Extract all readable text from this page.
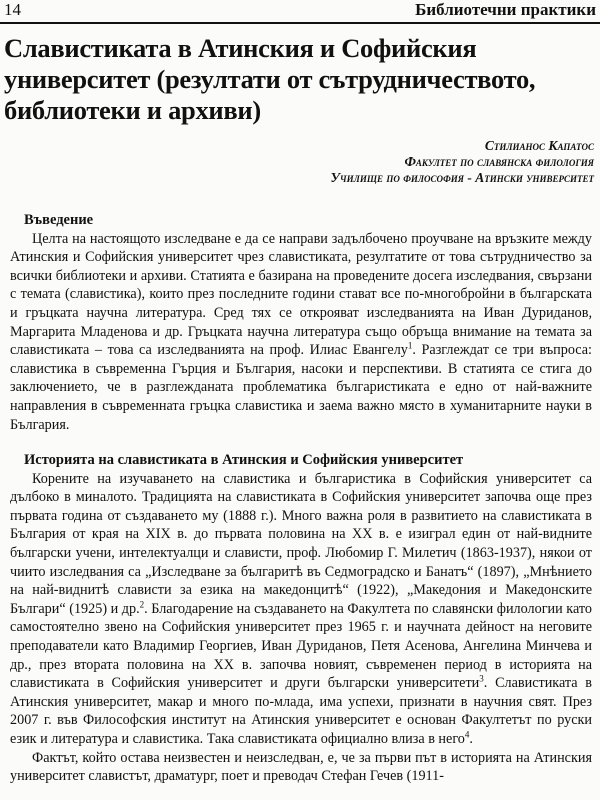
14	Библиотечни практики
Славистиката в Атинския и Софийския университет (резултати от сътрудничеството, библиотеки и архиви)
Стилианос Капатос
Факултет по славянска филология
Училище по философия - Атински университет
Въведение

Целта на настоящото изследване е да се направи задълбочено проучване на връзките между Атинския и Софийския университет чрез славистиката, резултатите от това сътрудничество за всички библиотеки и архиви. Статията е базирана на проведените досега изследвания, свързани с темата (славистика), които през последните години стават все по-многобройни в българската и гръцката научна литература. Сред тях се открояват изследванията на Иван Дуриданов, Маргарита Младенова и др. Гръцката научна литература също обръща внимание на темата за славистиката – това са изследванията на проф. Илиас Евангелу$^1$. Разглеждат се три въпроса: славистика в съвременна Гърция и България, насоки и перспективи. В статията се стига до заключението, че в разглежданата проблематика българистиката е едно от най-важните направления в съвременната гръцка славистика и заема важно място в хуманитарните науки в България.

Историята на славистиката в Атинския и Софийския университет

Корените на изучаването на славистика и българистика в Софийския университет са дълбоко в миналото. Традицията на славистиката в Софийския университет започва още през първата година от създаването му (1888 г.). Много важна роля в развитието на славистиката в България от края на XIX в. до първата половина на XX в. е изиграл един от най-видните български учени, интелектуалци и слависти, проф. Любомир Г. Милетич (1863-1937), някои от чиито изследвания са „Изследване за българитѣ въ Седмоградско и Банатъ“ (1897), „Мнѣнието на най-виднитѣ слависти за езика на македонцитѣ“ (1922), „Македония и Македонските Българи“ (1925) и др.$^2$. Благодарение на създаването на Факултета по славянски филологии като самостоятелно звено на Софийския университет през 1965 г. и научната дейност на неговите преподаватели като Владимир Георгиев, Иван Дуриданов, Петя Асенова, Ангелина Минчева и др., през втората половина на XX в. започва новият, съвременен период в историята на славистиката в Софийския университет и други български университети$^3$. Славистиката в Атинския университет, макар и много по-млада, има успехи, признати в научния свят. През 2007 г. във Философския институт на Атинския университет е основан Факултетът по руски език и литература и славистика. Така славистиката официално влиза в него$^4$.

Фактът, който остава неизвестен и неизследван, е, че за първи път в историята на Атинския университет славистът, драматург, поет и преводач Стефан Гечев (1911-
